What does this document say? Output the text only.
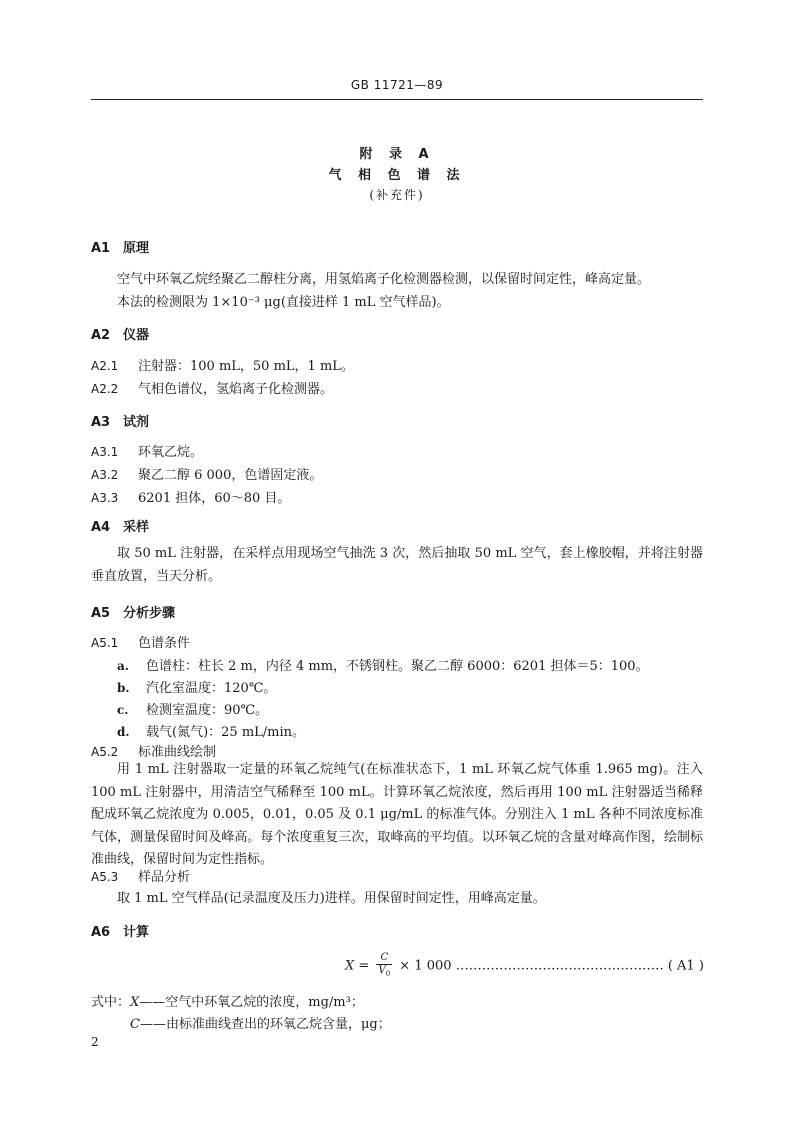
GB 11721—89
附 录 A
气 相 色 谱 法
(补充件)
A1 原理
空气中环氧乙烷经聚乙二醇柱分离，用氢焰离子化检测器检测，以保留时间定性，峰高定量。
本法的检测限为 1×10⁻³ μg(直接进样 1 mL 空气样品)。
A2 仪器
A2.1 注射器：100 mL，50 mL，1 mL。
A2.2 气相色谱仪，氢焰离子化检测器。
A3 试剂
A3.1 环氧乙烷。
A3.2 聚乙二醇 6 000，色谱固定液。
A3.3 6201 担体，60～80 目。
A4 采样
取 50 mL 注射器，在采样点用现场空气抽洗 3 次，然后抽取 50 mL 空气，套上橡胶帽，并将注射器垂直放置，当天分析。
A5 分析步骤
A5.1 色谱条件
a. 色谱柱：柱长 2 m，内径 4 mm，不锈钢柱。聚乙二醇 6000：6201 担体＝5：100。
b. 汽化室温度：120℃。
c. 检测室温度：90℃。
d. 载气(氮气)：25 mL/min。
A5.2 标准曲线绘制
用 1 mL 注射器取一定量的环氧乙烷纯气(在标准状态下，1 mL 环氧乙烷气体重 1.965 mg)。注入 100 mL 注射器中，用清洁空气稀释至 100 mL。计算环氧乙烷浓度，然后再用 100 mL 注射器适当稀释配成环氧乙烷浓度为 0.005，0.01，0.05 及 0.1 μg/mL 的标准气体。分别注入 1 mL 各种不同浓度标准气体，测量保留时间及峰高。每个浓度重复三次，取峰高的平均值。以环氧乙烷的含量对峰高作图，绘制标准曲线，保留时间为定性指标。
A5.3 样品分析
取 1 mL 空气样品(记录温度及压力)进样。用保留时间定性，用峰高定量。
A6 计算
$X = \frac{C}{V_0} \times 1$ 000 ………………………………………… ( A1 )
式中：X——空气中环氧乙烷的浓度，mg/m³；
C——由标准曲线查出的环氧乙烷含量，μg；
2
